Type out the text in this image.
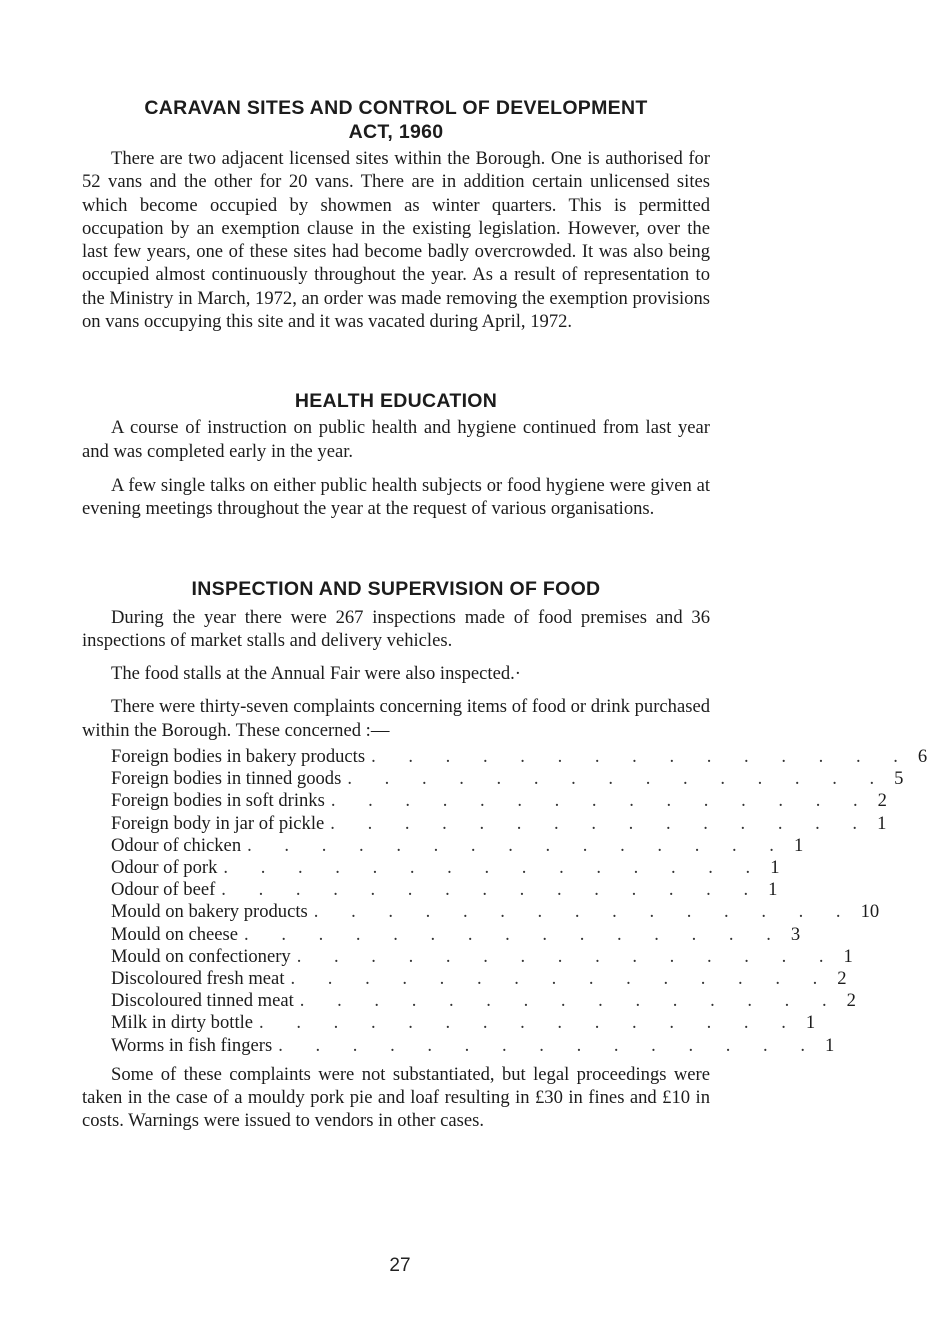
CARAVAN SITES AND CONTROL OF DEVELOPMENT
ACT, 1960

There are two adjacent licensed sites within the Borough. One is authorised for 52 vans and the other for 20 vans. There are in addition certain unlicensed sites which become occupied by showmen as winter quarters. This is permitted occupation by an exemption clause in the existing legislation. However, over the last few years, one of these sites had become badly overcrowded. It was also being occupied almost continuously throughout the year. As a result of representation to the Ministry in March, 1972, an order was made removing the exemption provisions on vans occupying this site and it was vacated during April, 1972.

HEALTH EDUCATION

A course of instruction on public health and hygiene continued from last year and was completed early in the year.

A few single talks on either public health subjects or food hygiene were given at evening meetings throughout the year at the request of various organisations.

INSPECTION AND SUPERVISION OF FOOD

During the year there were 267 inspections made of food premises and 36 inspections of market stalls and delivery vehicles.

The food stalls at the Annual Fair were also inspected.·

There were thirty-seven complaints concerning items of food or drink purchased within the Borough. These concerned :—

Foreign bodies in bakery products . . . . . . . . . . . . . . . 6
Foreign bodies in tinned goods . . . . . . . . . . . . . . . 5
Foreign bodies in soft drinks . . . . . . . . . . . . . . . 2
Foreign body in jar of pickle . . . . . . . . . . . . . . . 1
Odour of chicken . . . . . . . . . . . . . . . 1
Odour of pork . . . . . . . . . . . . . . . 1
Odour of beef . . . . . . . . . . . . . . . 1
Mould on bakery products . . . . . . . . . . . . . . . 10
Mould on cheese . . . . . . . . . . . . . . . 3
Mould on confectionery . . . . . . . . . . . . . . . 1
Discoloured fresh meat . . . . . . . . . . . . . . . 2
Discoloured tinned meat . . . . . . . . . . . . . . . 2
Milk in dirty bottle . . . . . . . . . . . . . . . 1
Worms in fish fingers . . . . . . . . . . . . . . . 1

Some of these complaints were not substantiated, but legal proceedings were taken in the case of a mouldy pork pie and loaf resulting in £30 in fines and £10 in costs. Warnings were issued to vendors in other cases.

27
